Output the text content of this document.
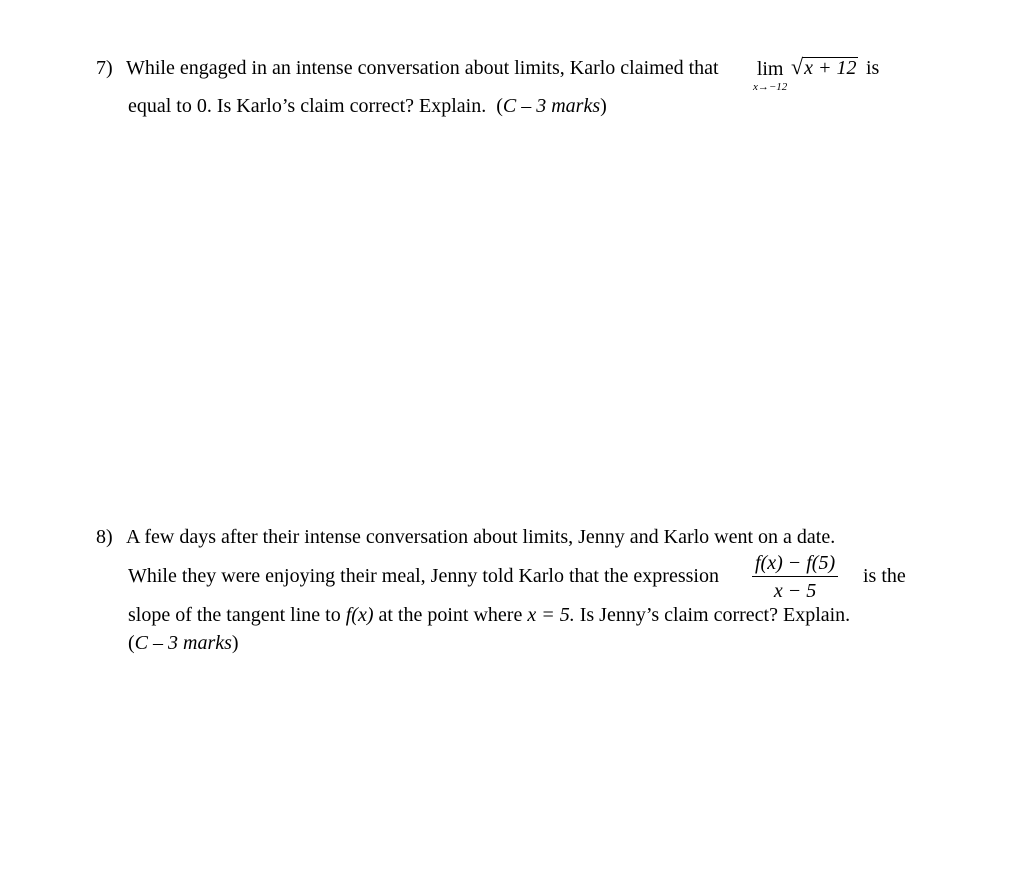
7) While engaged in an intense conversation about limits, Karlo claimed that lim
x→−12
√x + 12 is
equal to 0. Is Karlo’s claim correct? Explain. (C – 3 marks)
8) A few days after their intense conversation about limits, Jenny and Karlo went on a date.
While they were enjoying their meal, Jenny told Karlo that the expression $\frac{f(x) - f(5)}{x - 5}$ is the
slope of the tangent line to f(x) at the point where x = 5. Is Jenny’s claim correct? Explain.
(C – 3 marks)
